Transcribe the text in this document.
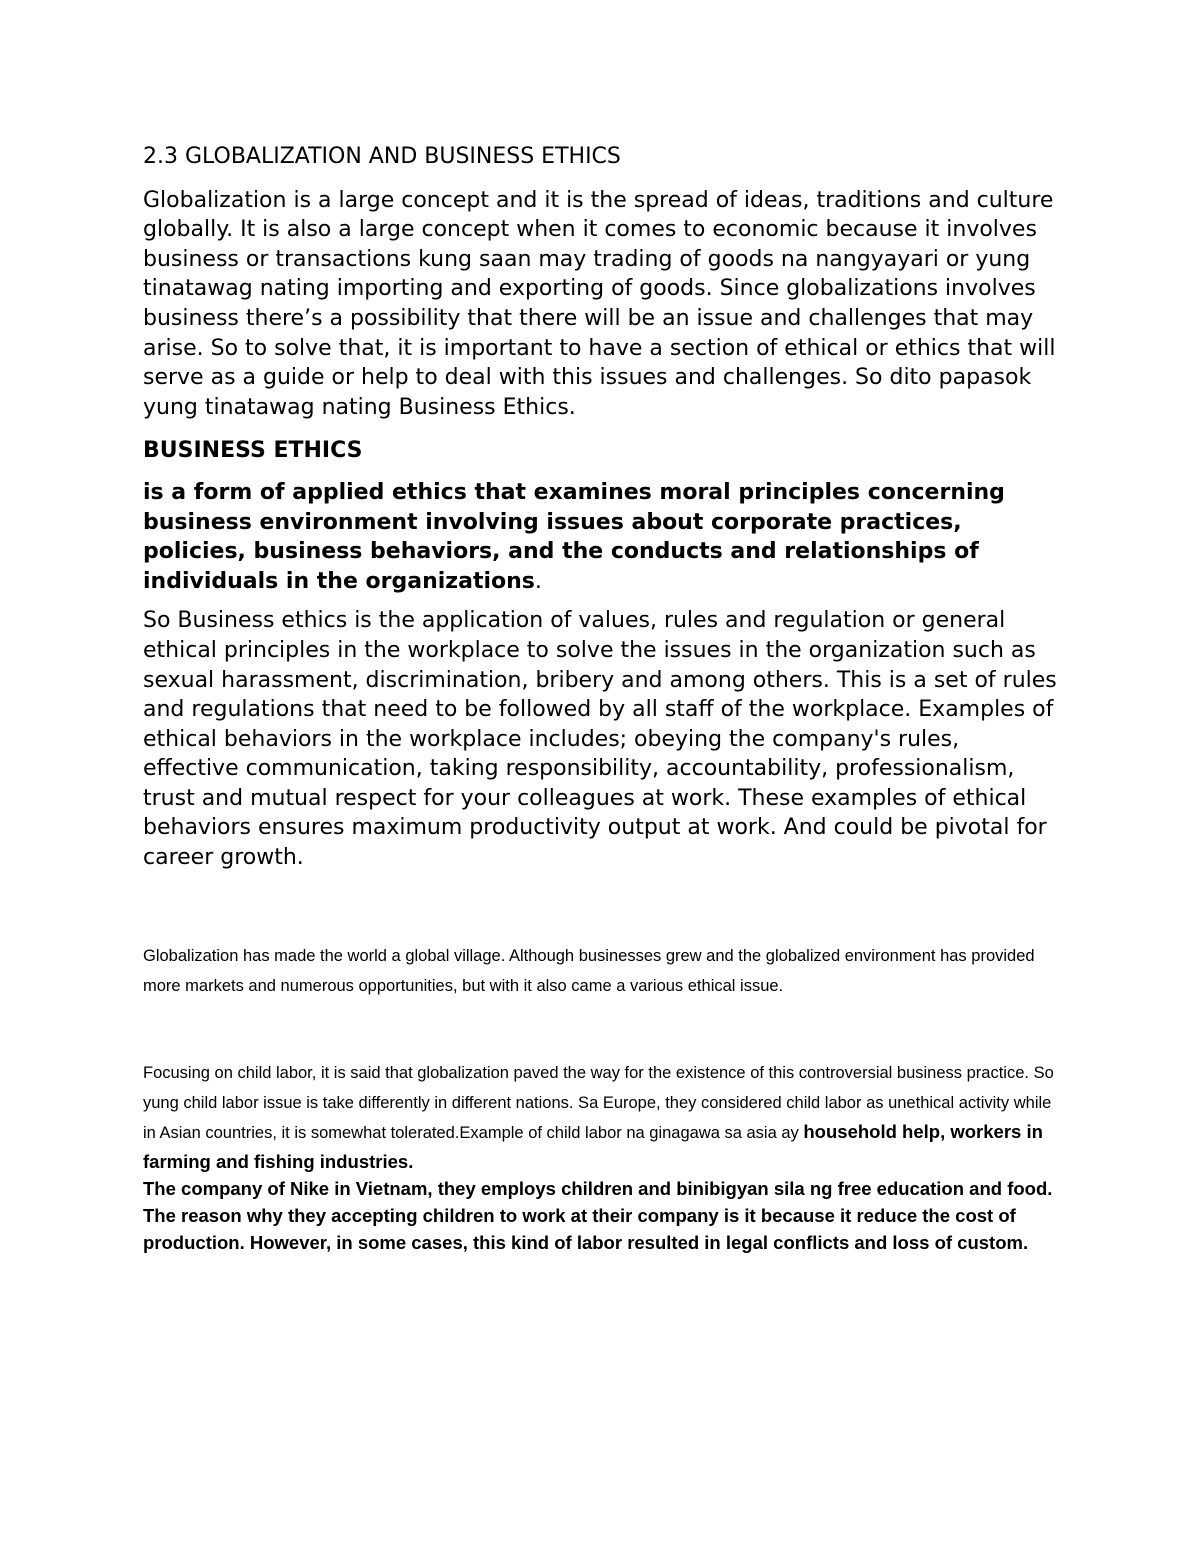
2.3 GLOBALIZATION AND BUSINESS ETHICS

Globalization is a large concept and it is the spread of ideas, traditions and culture globally. It is also a large concept when it comes to economic because it involves business or transactions kung saan may trading of goods na nangyayari or yung tinatawag nating importing and exporting of goods. Since globalizations involves business there’s a possibility that there will be an issue and challenges that may arise. So to solve that, it is important to have a section of ethical or ethics that will serve as a guide or help to deal with this issues and challenges. So dito papasok yung tinatawag nating Business Ethics.

BUSINESS ETHICS

is a form of applied ethics that examines moral principles concerning business environment involving issues about corporate practices, policies, business behaviors, and the conducts and relationships of individuals in the organizations.

So Business ethics is the application of values, rules and regulation or general ethical principles in the workplace to solve the issues in the organization such as sexual harassment, discrimination, bribery and among others. This is a set of rules and regulations that need to be followed by all staff of the workplace. Examples of ethical behaviors in the workplace includes; obeying the company's rules, effective communication, taking responsibility, accountability, professionalism, trust and mutual respect for your colleagues at work. These examples of ethical behaviors ensures maximum productivity output at work. And could be pivotal for career growth.

Globalization has made the world a global village. Although businesses grew and the globalized environment has provided more markets and numerous opportunities, but with it also came a various ethical issue.

Focusing on child labor, it is said that globalization paved the way for the existence of this controversial business practice. So yung child labor issue is take differently in different nations. Sa Europe, they considered child labor as unethical activity while in Asian countries, it is somewhat tolerated.Example of child labor na ginagawa sa asia ay

household help, workers in farming and fishing industries.

The company of Nike in Vietnam, they employs children and binibigyan sila ng free education and food. The reason why they accepting children to work at their company is it because it reduce the cost of production. However, in some cases, this kind of labor resulted in legal conflicts and loss of custom.
